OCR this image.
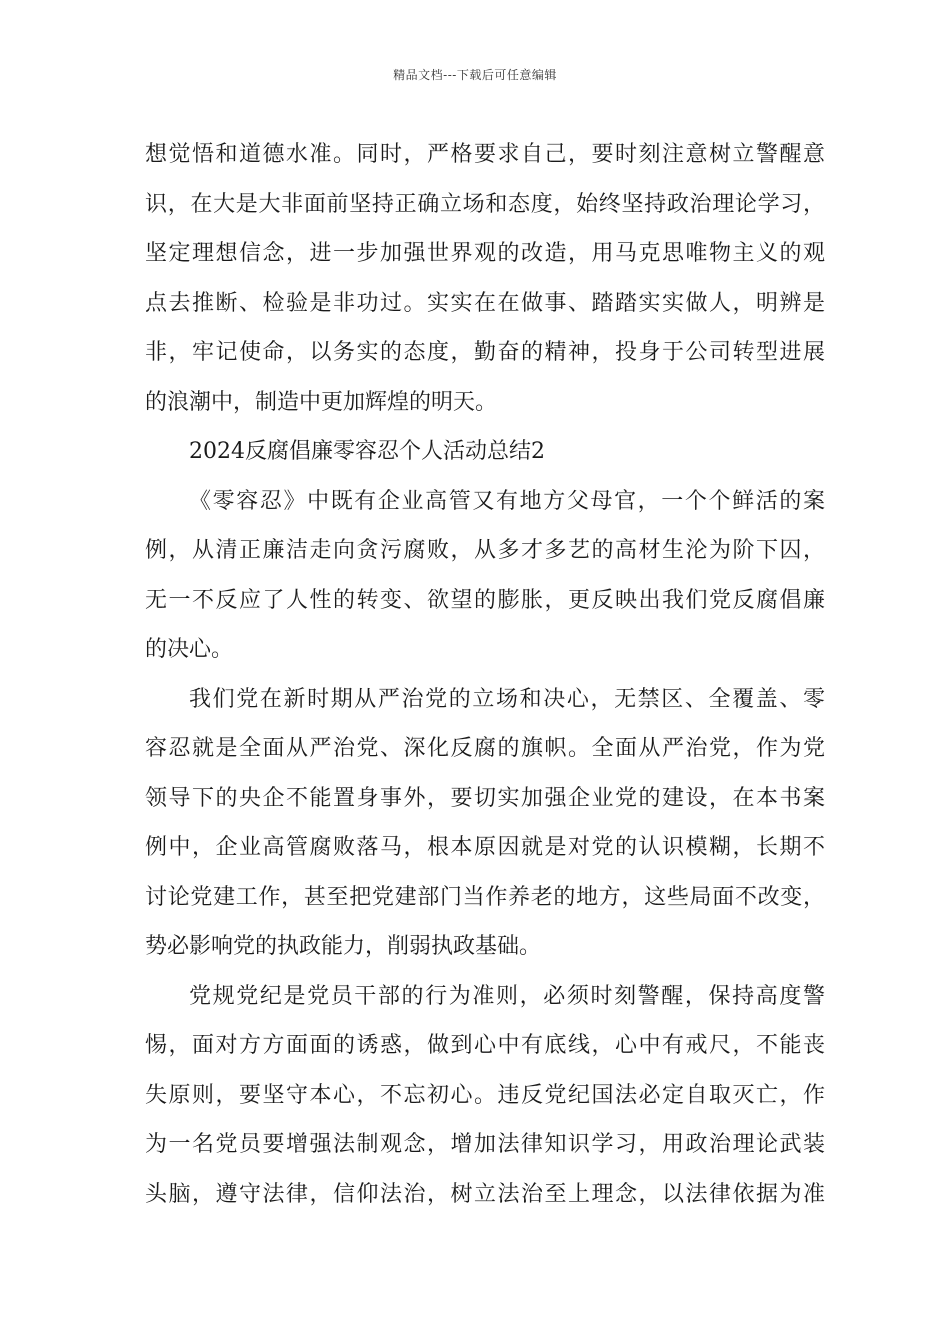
精品文档---下载后可任意编辑

想觉悟和道德水准。同时，严格要求自己，要时刻注意树立警醒意
识，在大是大非面前坚持正确立场和态度，始终坚持政治理论学习，
坚定理想信念，进一步加强世界观的改造，用马克思唯物主义的观
点去推断、检验是非功过。实实在在做事、踏踏实实做人，明辨是
非，牢记使命，以务实的态度，勤奋的精神，投身于公司转型进展
的浪潮中，制造中更加辉煌的明天。

2024反腐倡廉零容忍个人活动总结2

《零容忍》中既有企业高管又有地方父母官，一个个鲜活的案
例，从清正廉洁走向贪污腐败，从多才多艺的高材生沦为阶下囚，
无一不反应了人性的转变、欲望的膨胀，更反映出我们党反腐倡廉
的决心。

我们党在新时期从严治党的立场和决心，无禁区、全覆盖、零
容忍就是全面从严治党、深化反腐的旗帜。全面从严治党，作为党
领导下的央企不能置身事外，要切实加强企业党的建设，在本书案
例中，企业高管腐败落马，根本原因就是对党的认识模糊，长期不
讨论党建工作，甚至把党建部门当作养老的地方，这些局面不改变，
势必影响党的执政能力，削弱执政基础。

党规党纪是党员干部的行为准则，必须时刻警醒，保持高度警
惕，面对方方面面的诱惑，做到心中有底线，心中有戒尺，不能丧
失原则，要坚守本心，不忘初心。违反党纪国法必定自取灭亡，作
为一名党员要增强法制观念，增加法律知识学习，用政治理论武装
头脑，遵守法律，信仰法治，树立法治至上理念，以法律依据为准
